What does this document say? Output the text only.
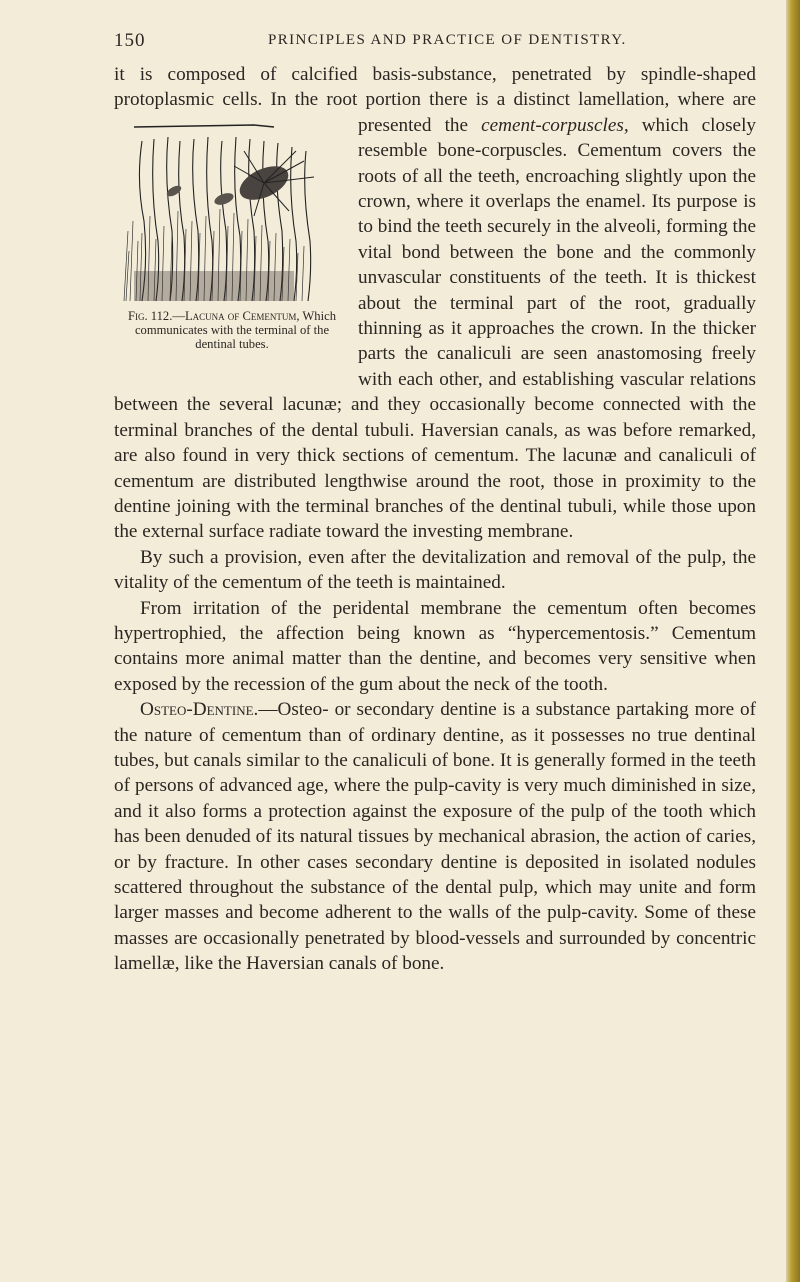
150	PRINCIPLES AND PRACTICE OF DENTISTRY.

it is composed of calcified basis-substance, penetrated by spindle-shaped protoplasmic cells. In the root portion there is a distinct lamellation, where are presented the cement-corpuscles,
Fig. 112.—Lacuna of Cementum, Which communicates with the terminal of the dentinal tubes.
which closely resemble bone-corpuscles. Cementum covers the roots of all the teeth, encroaching slightly upon the crown, where it overlaps the enamel. Its purpose is to bind the teeth securely in the alveoli, forming the vital bond between the bone and the commonly unvascular constituents of the teeth. It is thickest about the terminal part of the root, gradually thinning as it approaches the crown. In the thicker parts the canaliculi are seen anastomosing freely with each other, and establishing vascular relations between the several lacunæ; and they occasionally become connected with the terminal branches of the dental tubuli. Haversian canals, as was before remarked, are also found in very thick sections of cementum. The lacunæ and canaliculi of cementum are distributed lengthwise around the root, those in proximity to the dentine joining with the terminal branches of the dentinal tubuli, while those upon the external surface radiate toward the investing membrane.

By such a provision, even after the devitalization and removal of the pulp, the vitality of the cementum of the teeth is maintained.

From irritation of the peridental membrane the cementum often becomes hypertrophied, the affection being known as “hypercementosis.” Cementum contains more animal matter than the dentine, and becomes very sensitive when exposed by the recession of the gum about the neck of the tooth.

Osteo-Dentine.—Osteo- or secondary dentine is a substance partaking more of the nature of cementum than of ordinary dentine, as it possesses no true dentinal tubes, but canals similar to the canaliculi of bone. It is generally formed in the teeth of persons of advanced age, where the pulp-cavity is very much diminished in size, and it also forms a protection against the exposure of the pulp of the tooth which has been denuded of its natural tissues by mechanical abrasion, the action of caries, or by fracture. In other cases secondary dentine is deposited in isolated nodules scattered throughout the substance of the dental pulp, which may unite and form larger masses and become adherent to the walls of the pulp-cavity. Some of these masses are occasionally penetrated by blood-vessels and surrounded by concentric lamellæ, like the Haversian canals of bone.
